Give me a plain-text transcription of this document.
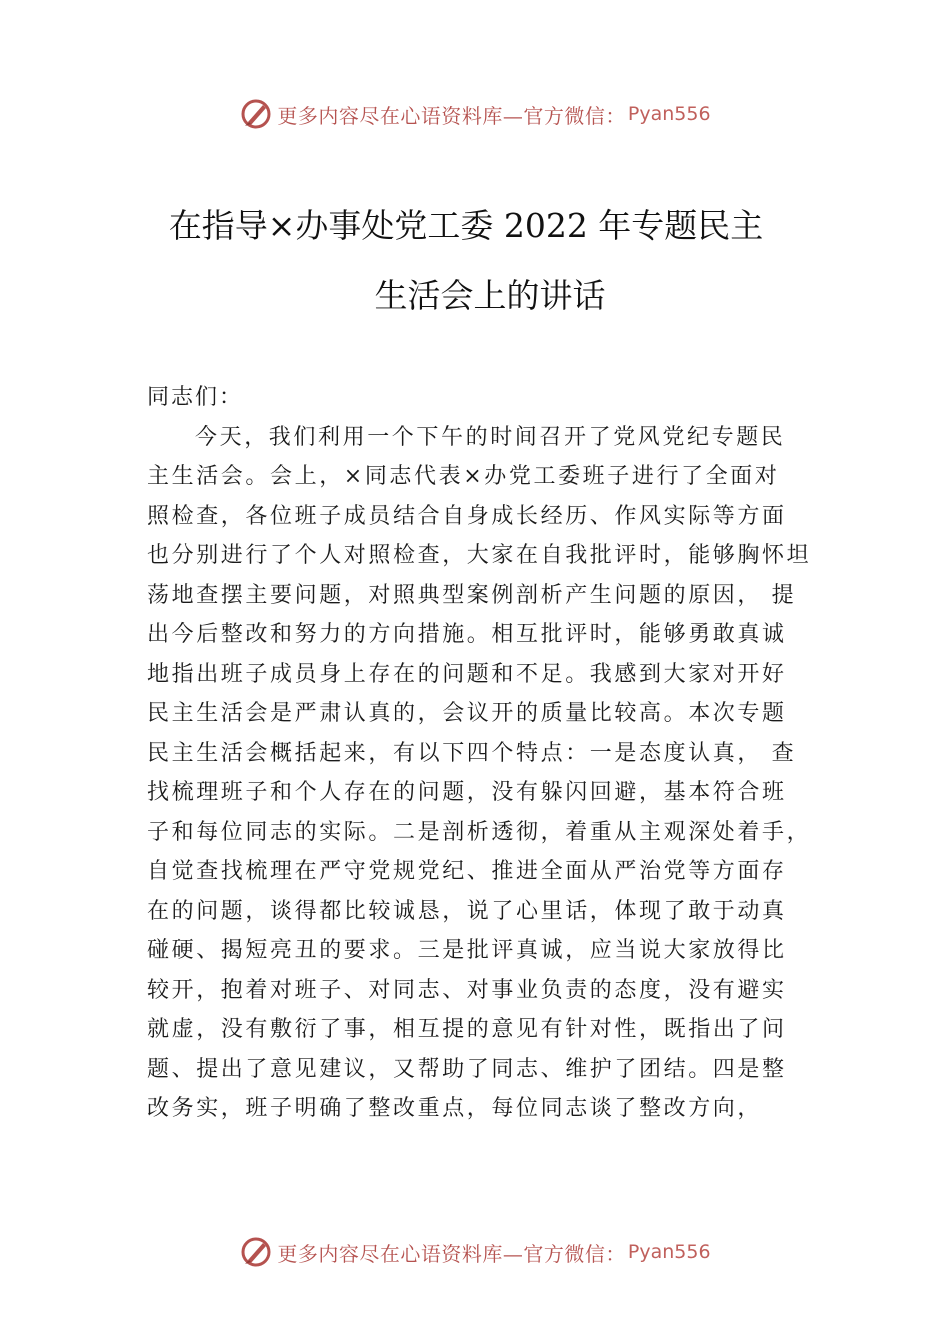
更多内容尽在心语资料库—官方微信： Pyan556
在指导×办事处党工委 2022 年专题民主
生活会上的讲话
同志们：
今天，我们利用一个下午的时间召开了党风党纪专题民
主生活会。会上，×同志代表×办党工委班子进行了全面对
照检查，各位班子成员结合自身成长经历、作风实际等方面
也分别进行了个人对照检查，大家在自我批评时，能够胸怀坦
荡地查摆主要问题，对照典型案例剖析产生问题的原因， 提
出今后整改和努力的方向措施。相互批评时，能够勇敢真诚
地指出班子成员身上存在的问题和不足。我感到大家对开好
民主生活会是严肃认真的，会议开的质量比较高。本次专题
民主生活会概括起来，有以下四个特点：一是态度认真， 查
找梳理班子和个人存在的问题，没有躲闪回避，基本符合班
子和每位同志的实际。二是剖析透彻，着重从主观深处着手，
自觉查找梳理在严守党规党纪、推进全面从严治党等方面存
在的问题，谈得都比较诚恳，说了心里话，体现了敢于动真
碰硬、揭短亮丑的要求。三是批评真诚，应当说大家放得比
较开，抱着对班子、对同志、对事业负责的态度，没有避实
就虚，没有敷衍了事，相互提的意见有针对性，既指出了问
题、提出了意见建议，又帮助了同志、维护了团结。四是整
改务实，班子明确了整改重点，每位同志谈了整改方向，
更多内容尽在心语资料库—官方微信： Pyan556
